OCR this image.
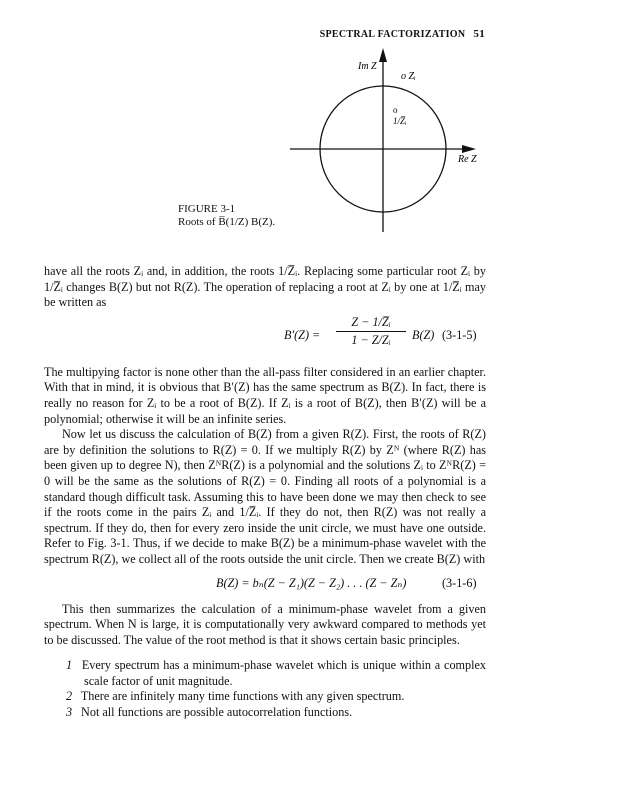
SPECTRAL FACTORIZATION 51
Im Z
Re Z
o Zᵢ
o
1/Z̅ᵢ
FIGURE 3-1
Roots of B̅(1/Z) B(Z).

have all the roots Zᵢ and, in addition, the roots 1/Z̅ᵢ. Replacing some particular root Zᵢ by 1/Z̅ᵢ changes B(Z) but not R(Z). The operation of replacing a root at Zᵢ by one at 1/Z̅ᵢ may be written as

$B'(Z) = \frac{\text{Z − 1/Z̅ᵢ}}{\text{1 − Z/Zᵢ}} B(Z)$ (3-1-5)

The multipying factor is none other than the all-pass filter considered in an earlier chapter. With that in mind, it is obvious that B′(Z) has the same spectrum as B(Z). In fact, there is really no reason for Zᵢ to be a root of B(Z). If Zᵢ is a root of B(Z), then B′(Z) will be a polynomial; otherwise it will be an infinite series.

Now let us discuss the calculation of B(Z) from a given R(Z). First, the roots of R(Z) are by definition the solutions to R(Z) = 0. If we multiply R(Z) by Zᴺ (where R(Z) has been given up to degree N), then ZᴺR(Z) is a polynomial and the solutions Zᵢ to ZᴺR(Z) = 0 will be the same as the solutions of R(Z) = 0. Finding all roots of a polynomial is a standard though difficult task. Assuming this to have been done we may then check to see if the roots come in the pairs Zᵢ and 1/Z̅ᵢ. If they do not, then R(Z) was not really a spectrum. If they do, then for every zero inside the unit circle, we must have one outside. Refer to Fig. 3-1. Thus, if we decide to make B(Z) be a minimum-phase wavelet with the spectrum R(Z), we collect all of the roots outside the unit circle. Then we create B(Z) with

B(Z) = bₙ(Z − Z₁)(Z − Z₂) . . . (Z − Zₙ)	(3-1-6)

This then summarizes the calculation of a minimum-phase wavelet from a given spectrum. When N is large, it is computationally very awkward compared to methods yet to be discussed. The value of the root method is that it shows certain basic principles.

1 Every spectrum has a minimum-phase wavelet which is unique within a complex scale factor of unit magnitude.

2 There are infinitely many time functions with any given spectrum.

3 Not all functions are possible autocorrelation functions.
